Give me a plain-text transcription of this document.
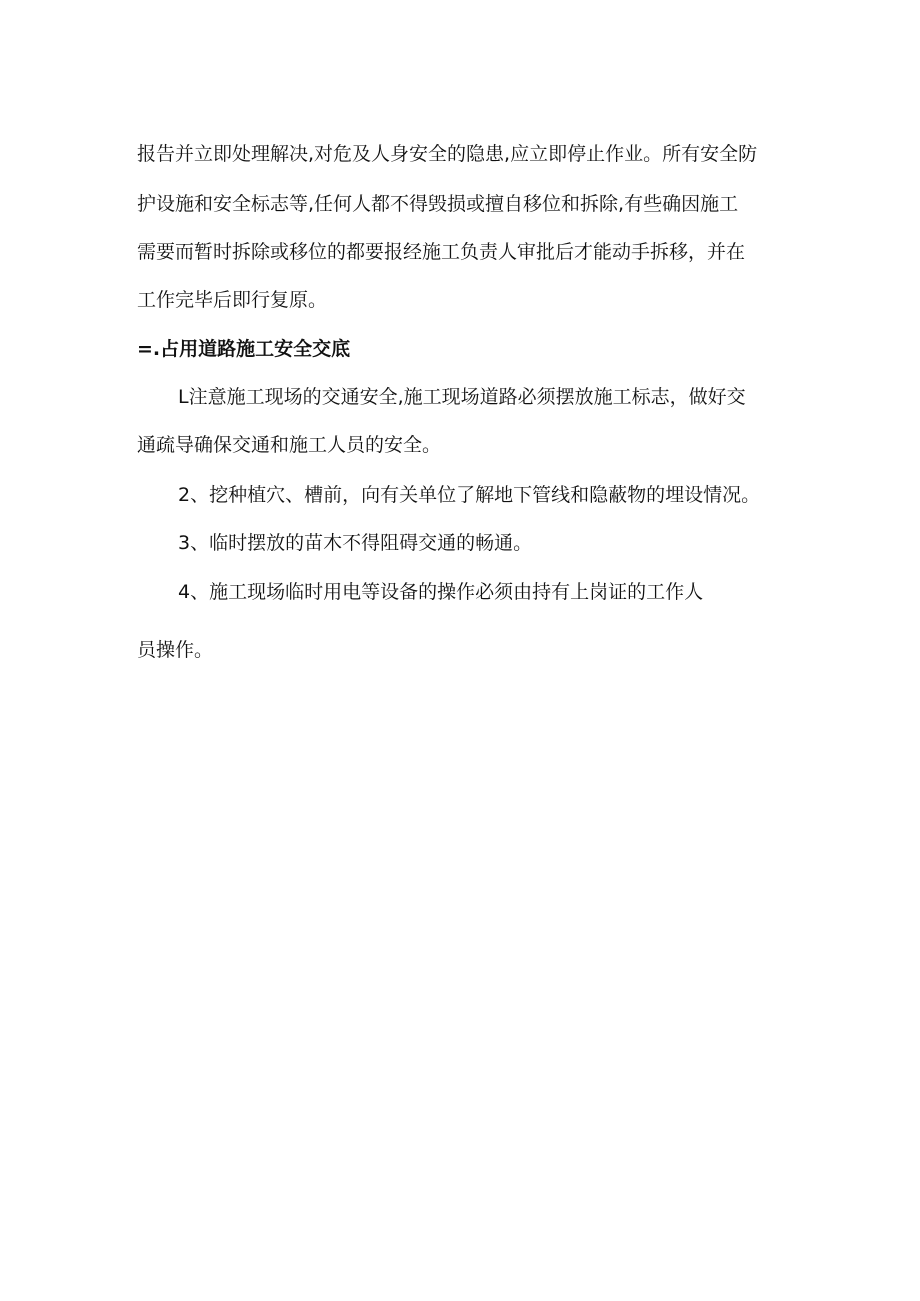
报告并立即处理解决,对危及人身安全的隐患,应立即停止作业。所有安全防
护设施和安全标志等,任何人都不得毁损或擅自移位和拆除,有些确因施工
需要而暂时拆除或移位的都要报经施工负责人审批后才能动手拆移，并在
工作完毕后即行复原。
=.占用道路施工安全交底
L注意施工现场的交通安全,施工现场道路必须摆放施工标志，做好交
通疏导确保交通和施工人员的安全。
2、挖种植穴、槽前，向有关单位了解地下管线和隐蔽物的埋设情况。
3、临时摆放的苗木不得阻碍交通的畅通。
4、施工现场临时用电等设备的操作必须由持有上岗证的工作人
员操作。
